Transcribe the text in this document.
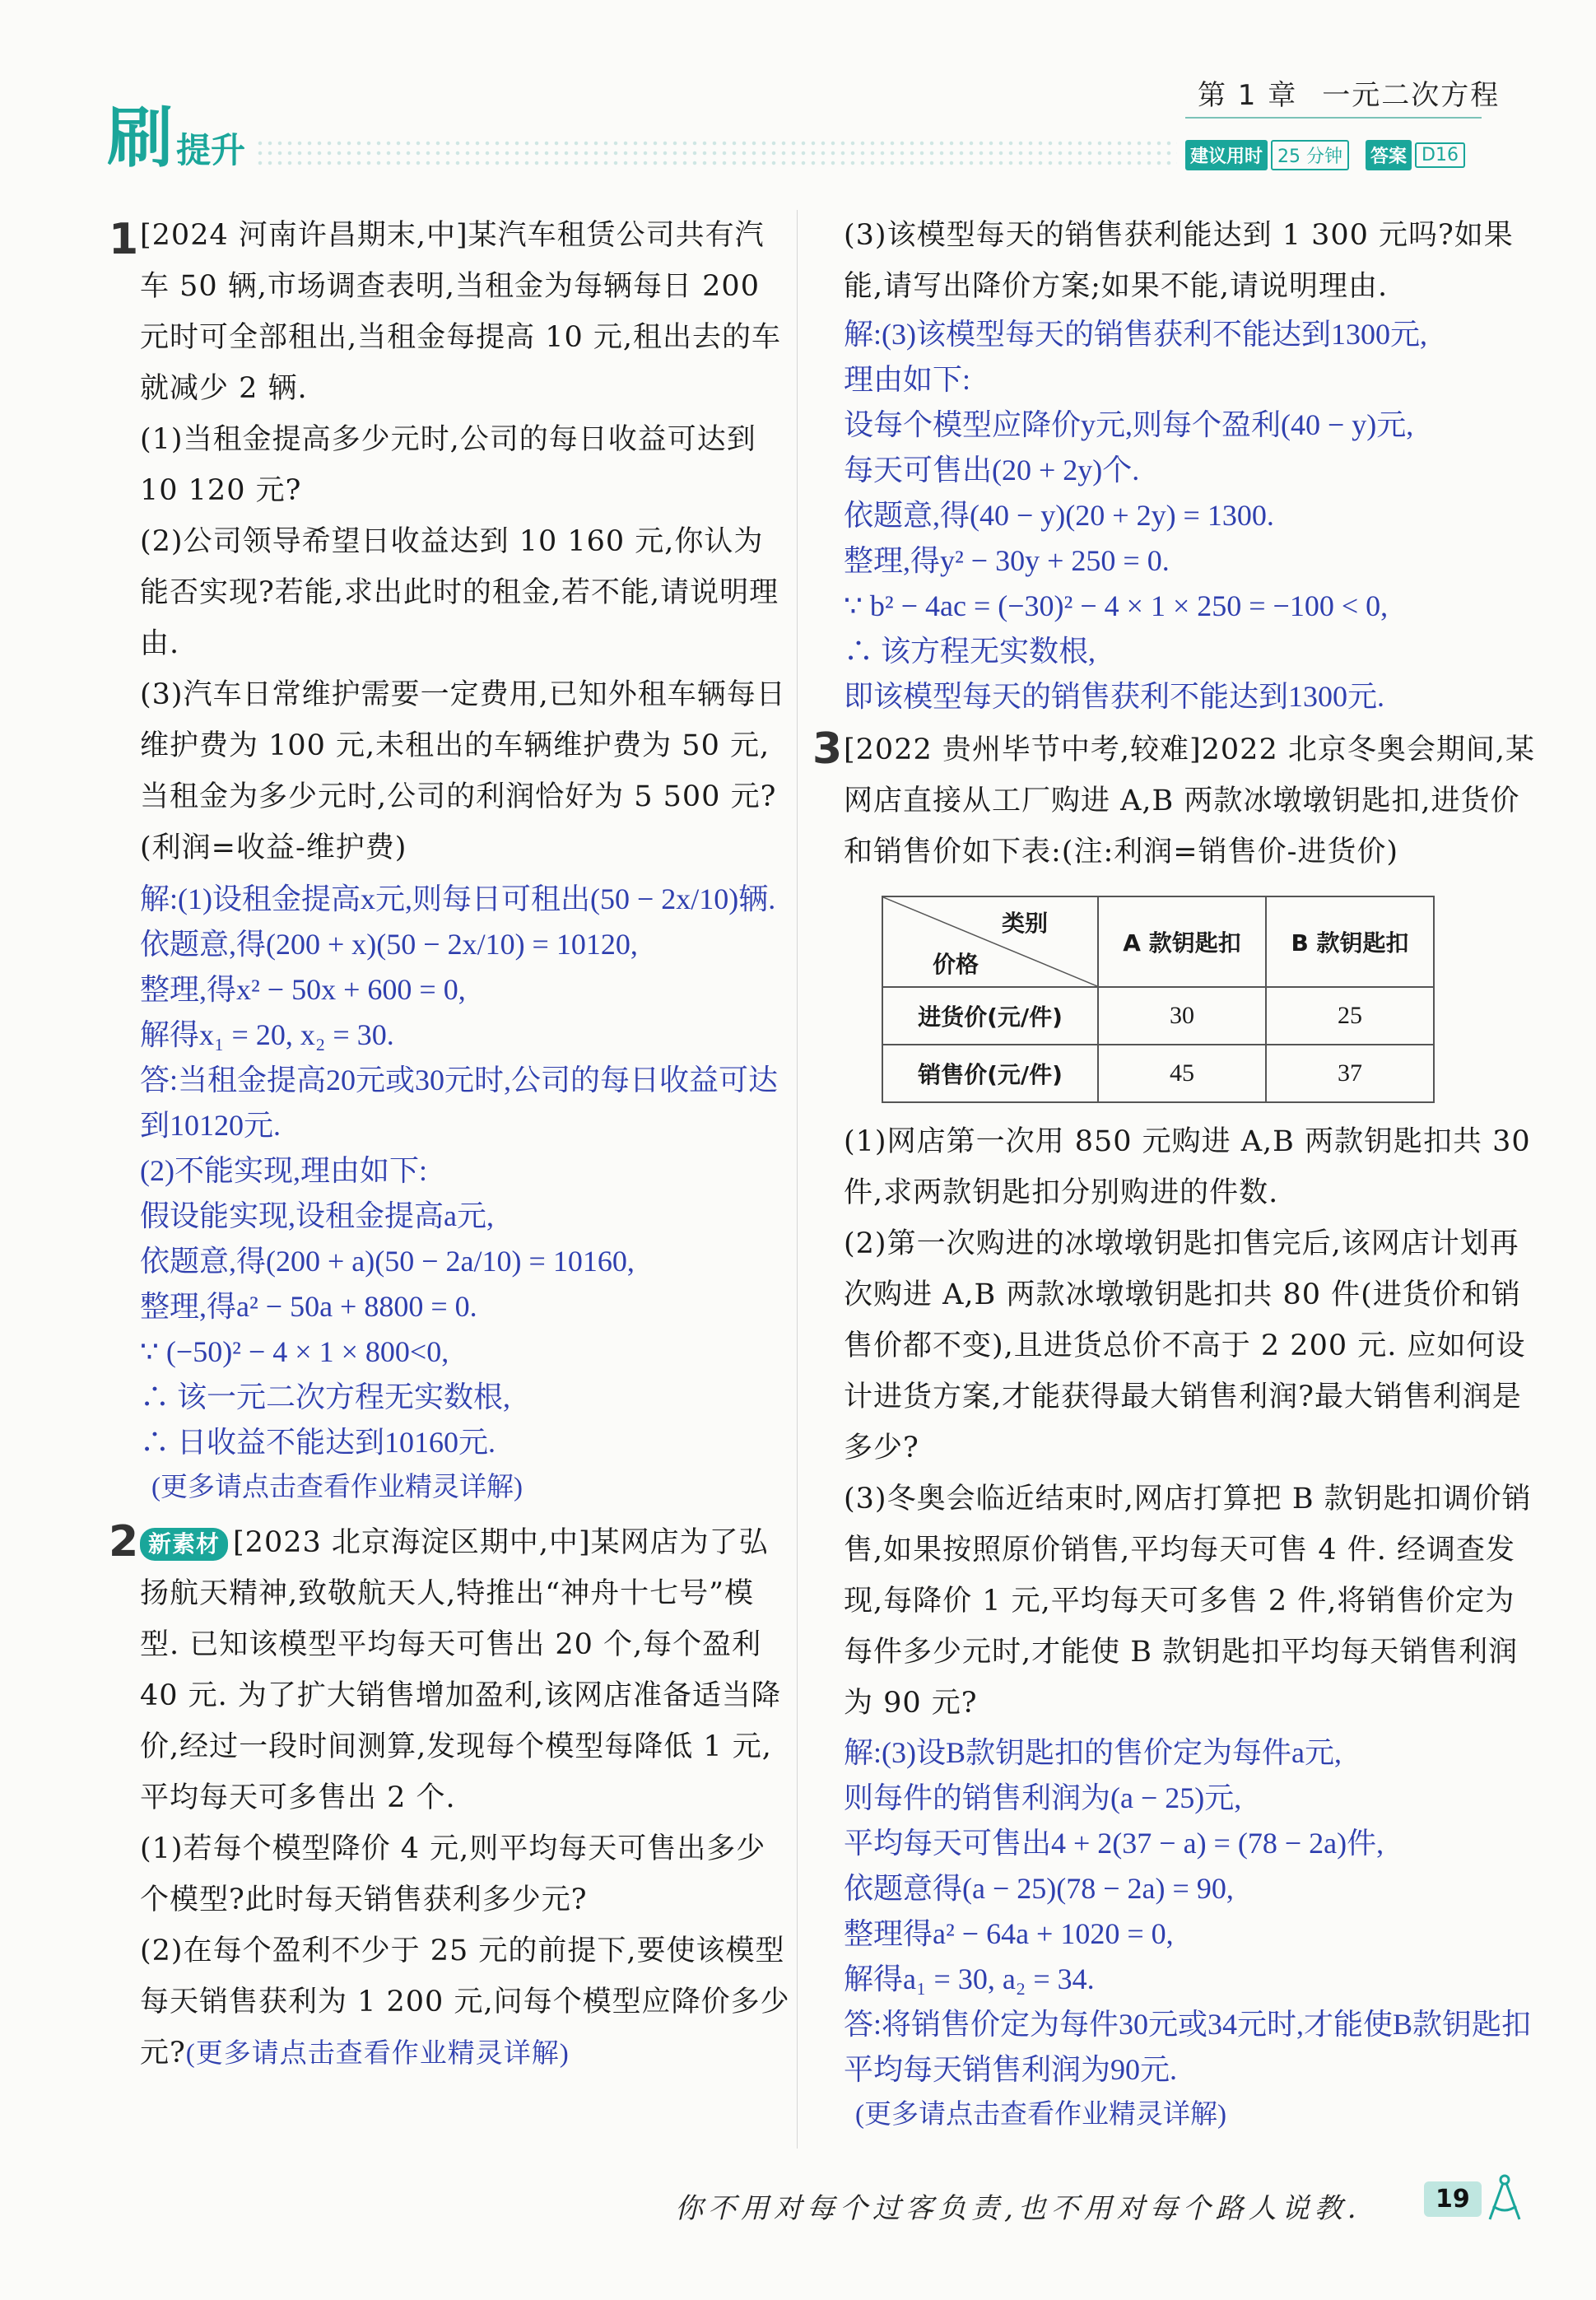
第 1 章 一元二次方程
刷 提升	建议用时 25 分钟	答案 D16
1 [2024 河南许昌期末,中]某汽车租赁公司共有汽车 50 辆,市场调查表明,当租金为每辆每日 200 元时可全部租出,当租金每提高 10 元,租出去的车就减少 2 辆.

(1)当租金提高多少元时,公司的每日收益可达到 10 120 元?

(2)公司领导希望日收益达到 10 160 元,你认为能否实现?若能,求出此时的租金,若不能,请说明理由.

(3)汽车日常维护需要一定费用,已知外租车辆每日维护费为 100 元,未租出的车辆维护费为 50 元,当租金为多少元时,公司的利润恰好为 5 500 元?(利润=收益-维护费)

解:(1)设租金提高x元,则每日可租出(50 − 2x/10)辆.
依题意,得(200 + x)(50 − 2x/10) = 10120,
整理,得x² − 50x + 600 = 0,
解得x₁ = 20, x₂ = 30.
答:当租金提高20元或30元时,公司的每日收益可达到10120元.
(2)不能实现,理由如下:
假设能实现,设租金提高a元,
依题意,得(200 + a)(50 − 2a/10) = 10160,
整理,得a² − 50a + 8800 = 0.
∵ (−50)² − 4 × 1 × 800<0,
∴ 该一元二次方程无实数根,
∴ 日收益不能达到10160元.
(更多请点击查看作业精灵详解)
2 新素材 [2023 北京海淀区期中,中]某网店为了弘扬航天精神,致敬航天人,特推出“神舟十七号”模型. 已知该模型平均每天可售出 20 个,每个盈利 40 元. 为了扩大销售增加盈利,该网店准备适当降价,经过一段时间测算,发现每个模型每降低 1 元,平均每天可多售出 2 个.

(1)若每个模型降价 4 元,则平均每天可售出多少个模型?此时每天销售获利多少元?

(2)在每个盈利不少于 25 元的前提下,要使该模型每天销售获利为 1 200 元,问每个模型应降价多少元?(更多请点击查看作业精灵详解)

(3)该模型每天的销售获利能达到 1 300 元吗?如果能,请写出降价方案;如果不能,请说明理由.

解:(3)该模型每天的销售获利不能达到1300元,
理由如下:
设每个模型应降价y元,则每个盈利(40 − y)元,
每天可售出(20 + 2y)个.
依题意,得(40 − y)(20 + 2y) = 1300.
整理,得y² − 30y + 250 = 0.
∵ b² − 4ac = (−30)² − 4 × 1 × 250 = −100 < 0,
∴ 该方程无实数根,
即该模型每天的销售获利不能达到1300元.
3 [2022 贵州毕节中考,较难]2022 北京冬奥会期间,某网店直接从工厂购进 A,B 两款冰墩墩钥匙扣,进货价和销售价如下表:(注:利润=销售价-进货价)

类别
价格	A 款钥匙扣	B 款钥匙扣
进货价(元/件)	30	25
销售价(元/件)	45	37

(1)网店第一次用 850 元购进 A,B 两款钥匙扣共 30 件,求两款钥匙扣分别购进的件数.

(2)第一次购进的冰墩墩钥匙扣售完后,该网店计划再次购进 A,B 两款冰墩墩钥匙扣共 80 件(进货价和销售价都不变),且进货总价不高于 2 200 元. 应如何设计进货方案,才能获得最大销售利润?最大销售利润是多少?

(3)冬奥会临近结束时,网店打算把 B 款钥匙扣调价销售,如果按照原价销售,平均每天可售 4 件. 经调查发现,每降价 1 元,平均每天可多售 2 件,将销售价定为每件多少元时,才能使 B 款钥匙扣平均每天销售利润为 90 元?

解:(3)设B款钥匙扣的售价定为每件a元,
则每件的销售利润为(a − 25)元,
平均每天可售出4 + 2(37 − a) = (78 − 2a)件,
依题意得(a − 25)(78 − 2a) = 90,
整理得a² − 64a + 1020 = 0,
解得a₁ = 30, a₂ = 34.
答:将销售价定为每件30元或34元时,才能使B款钥匙扣平均每天销售利润为90元.
(更多请点击查看作业精灵详解)
你不用对每个过客负责,也不用对每个路人说教.	19
